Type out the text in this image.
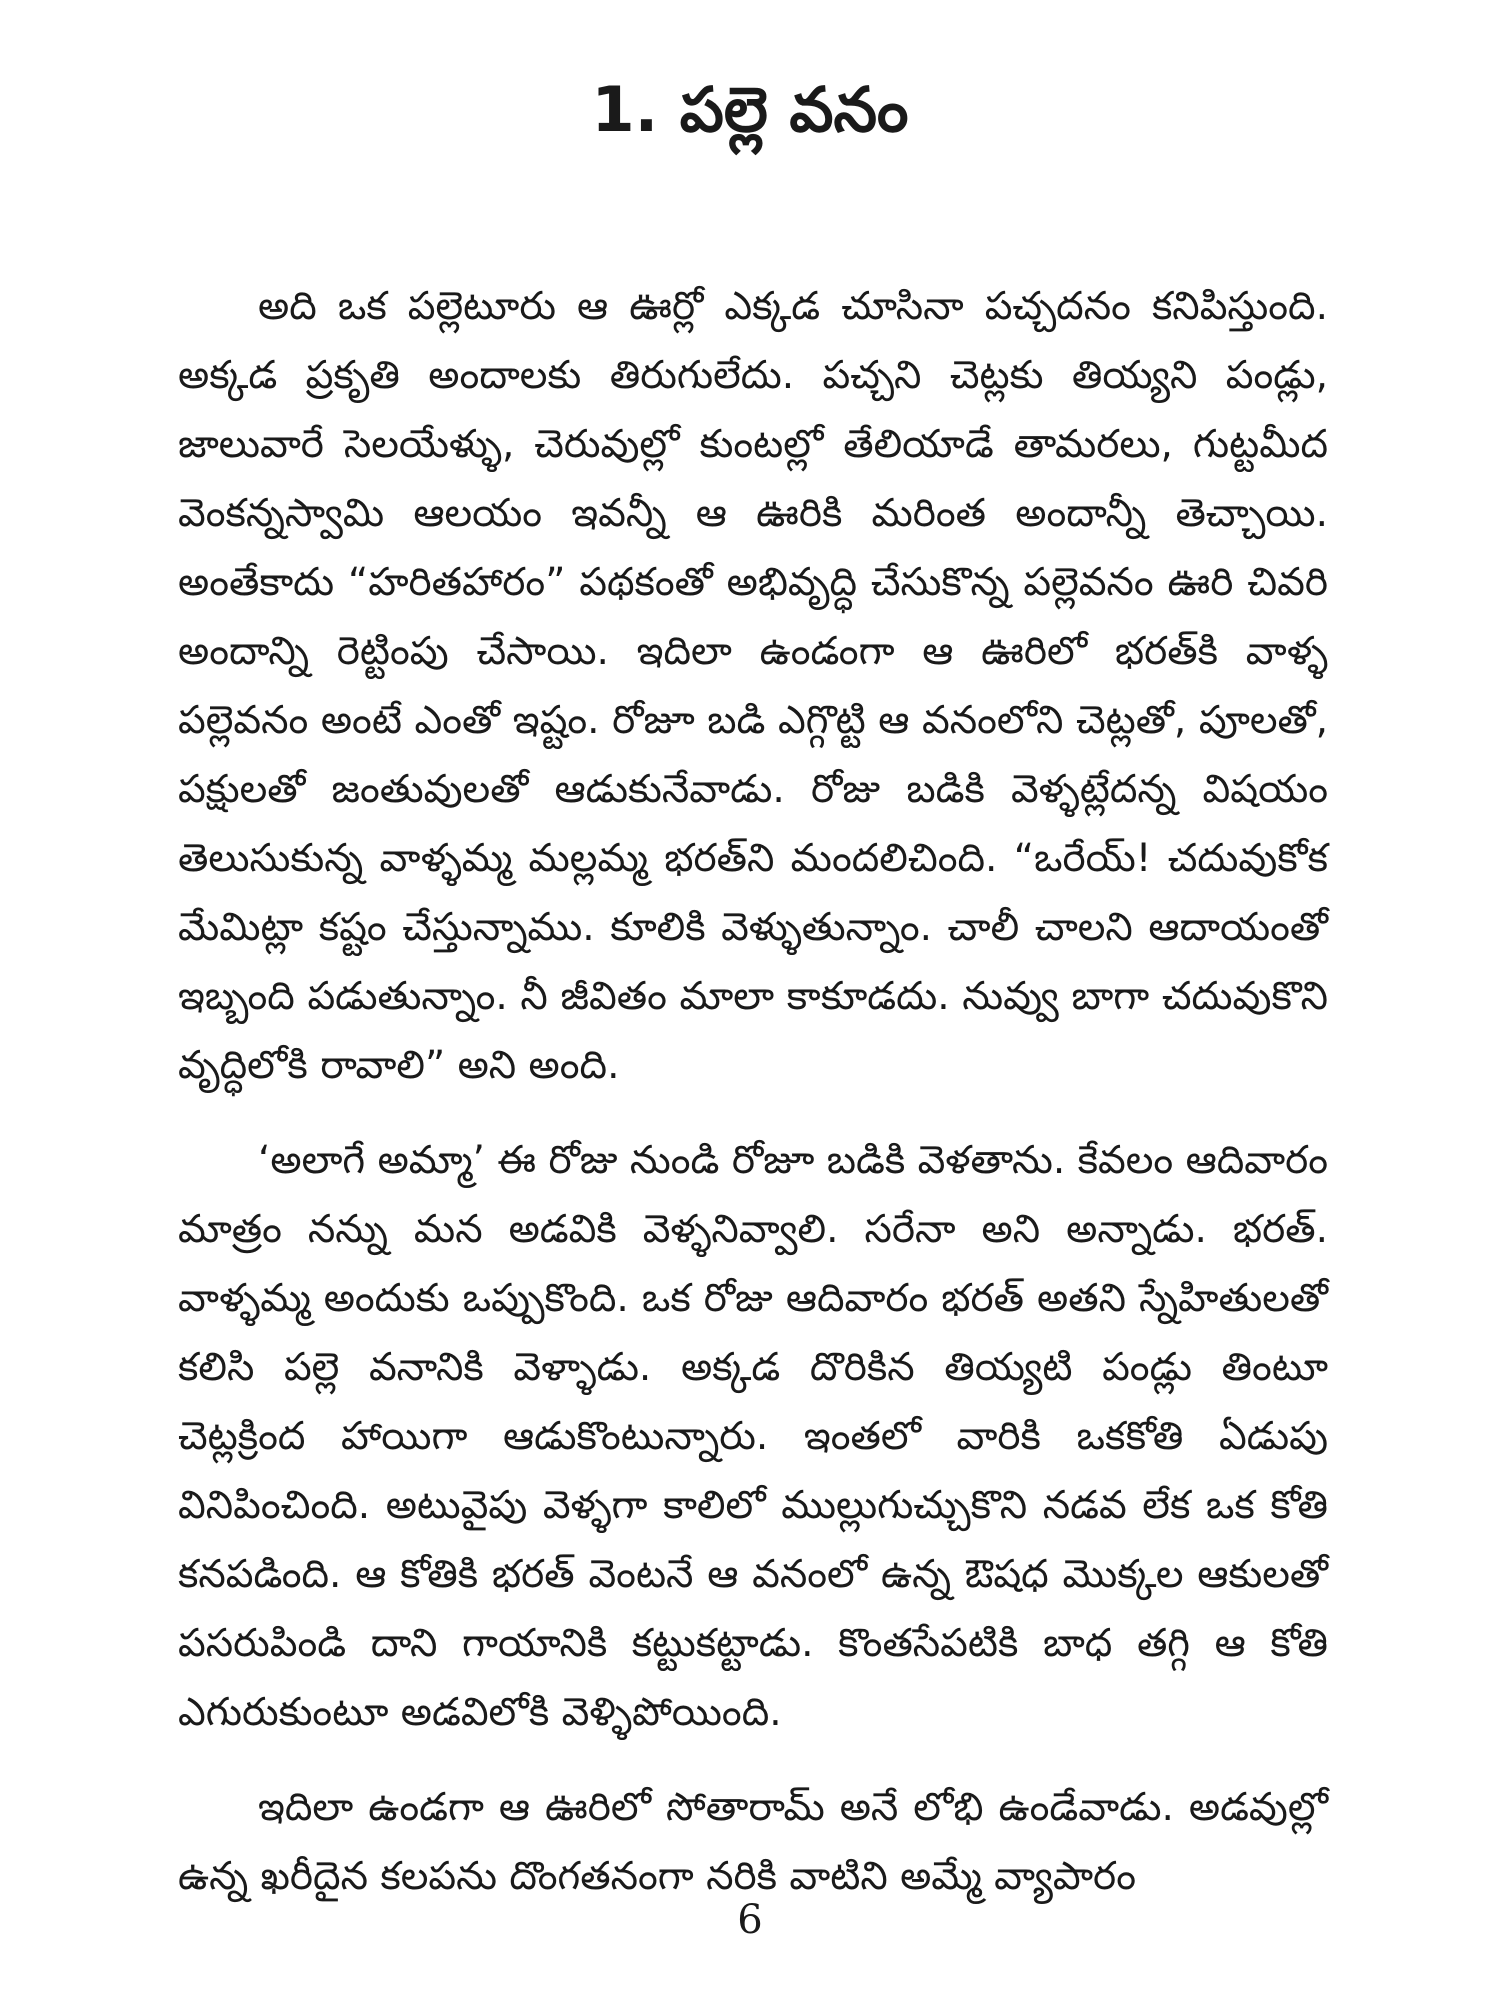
1. పల్లె వనం

అది ఒక పల్లెటూరు ఆ ఊర్లో ఎక్కడ చూసినా పచ్చదనం కనిపిస్తుంది. అక్కడ ప్రకృతి అందాలకు తిరుగులేదు. పచ్చని చెట్లకు తియ్యని పండ్లు, జాలువారే సెలయేళ్ళు, చెరువుల్లో కుంటల్లో తేలియాడే తామరలు, గుట్టమీద వెంకన్నస్వామి ఆలయం ఇవన్నీ ఆ ఊరికి మరింత అందాన్నీ తెచ్చాయి. అంతేకాదు “హరితహారం” పథకంతో అభివృద్ధి చేసుకొన్న పల్లెవనం ఊరి చివరి అందాన్ని రెట్టింపు చేసాయి. ఇదిలా ఉండంగా ఆ ఊరిలో భరత్‌కి వాళ్ళ పల్లెవనం అంటే ఎంతో ఇష్టం. రోజూ బడి ఎగ్గొట్టి ఆ వనంలోని చెట్లతో, పూలతో, పక్షులతో జంతువులతో ఆడుకునేవాడు. రోజు బడికి వెళ్ళట్లేదన్న విషయం తెలుసుకున్న వాళ్ళమ్మ మల్లమ్మ భరత్‌ని మందలిచింది. “ఒరేయ్! చదువుకోక మేమిట్లా కష్టం చేస్తున్నాము. కూలికి వెళ్ళుతున్నాం. చాలీ చాలని ఆదాయంతో ఇబ్బంది పడుతున్నాం. నీ జీవితం మాలా కాకూడదు. నువ్వు బాగా చదువుకొని వృద్ధిలోకి రావాలి” అని అంది.

‘అలాగే అమ్మా’ ఈ రోజు నుండి రోజూ బడికి వెళతాను. కేవలం ఆదివారం మాత్రం నన్ను మన అడవికి వెళ్ళనివ్వాలి. సరేనా అని అన్నాడు. భరత్. వాళ్ళమ్మ అందుకు ఒప్పుకొంది. ఒక రోజు ఆదివారం భరత్ అతని స్నేహితులతో కలిసి పల్లె వనానికి వెళ్ళాడు. అక్కడ దొరికిన తియ్యటి పండ్లు తింటూ చెట్లక్రింద హాయిగా ఆడుకొంటున్నారు. ఇంతలో వారికి ఒకకోతి ఏడుపు వినిపించింది. అటువైపు వెళ్ళగా కాలిలో ముల్లుగుచ్చుకొని నడవ లేక ఒక కోతి కనపడింది. ఆ కోతికి భరత్ వెంటనే ఆ వనంలో ఉన్న ఔషధ మొక్కల ఆకులతో పసరుపిండి దాని గాయానికి కట్టుకట్టాడు. కొంతసేపటికి బాధ తగ్గి ఆ కోతి ఎగురుకుంటూ అడవిలోకి వెళ్ళిపోయింది.

ఇదిలా ఉండగా ఆ ఊరిలో సోతారామ్ అనే లోభి ఉండేవాడు. అడవుల్లో ఉన్న ఖరీదైన కలపను దొంగతనంగా నరికి వాటిని అమ్మే వ్యాపారం

6
